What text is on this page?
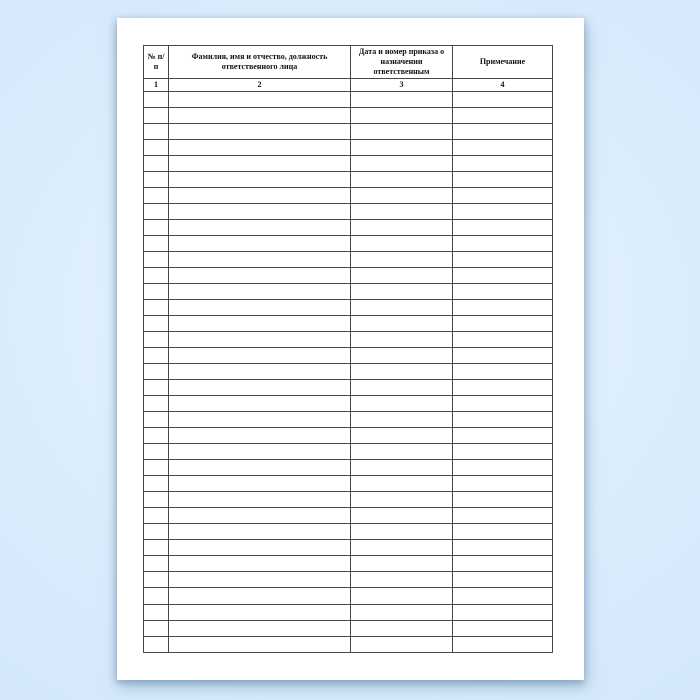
№ п/п	Фамилия, имя и отчество, должность ответственного лица	Дата и номер приказа о назначении ответственным	Примечание
1	2	3	4
